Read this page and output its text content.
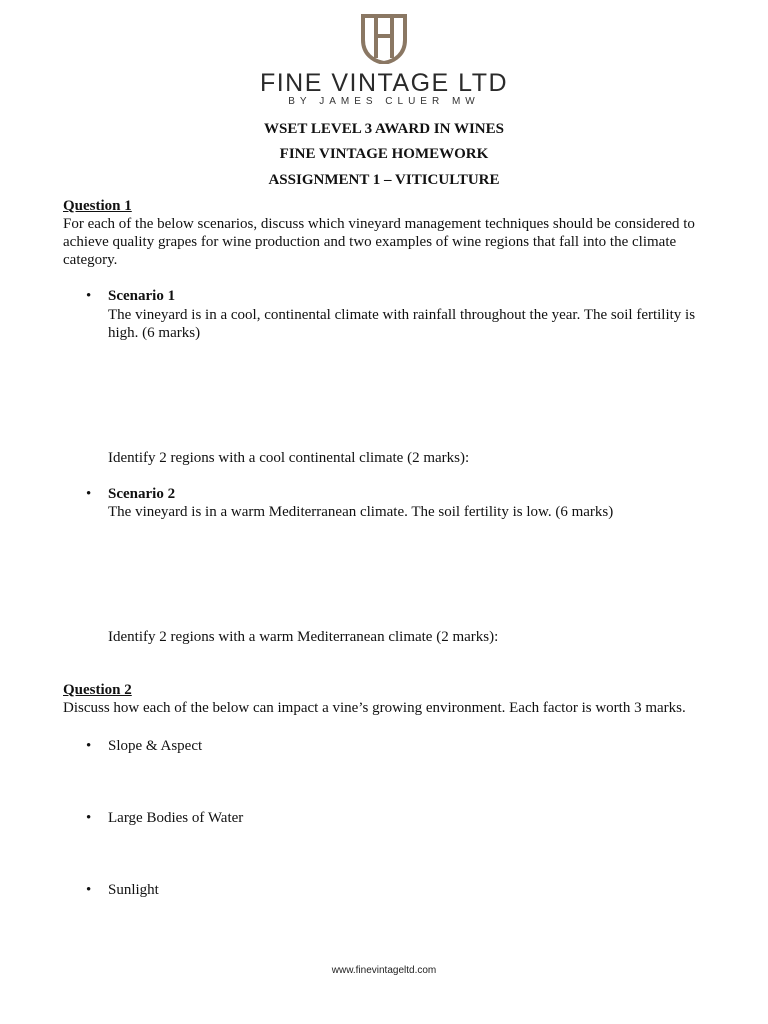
FINE VINTAGE LTD
BY JAMES CLUER MW
WSET LEVEL 3 AWARD IN WINES
FINE VINTAGE HOMEWORK
ASSIGNMENT 1 – VITICULTURE
Question 1
For each of the below scenarios, discuss which vineyard management techniques should be considered to achieve quality grapes for wine production and two examples of wine regions that fall into the climate category.
• Scenario 1
The vineyard is in a cool, continental climate with rainfall throughout the year. The soil fertility is high. (6 marks)
Identify 2 regions with a cool continental climate (2 marks):
• Scenario 2
The vineyard is in a warm Mediterranean climate. The soil fertility is low. (6 marks)
Identify 2 regions with a warm Mediterranean climate (2 marks):
Question 2
Discuss how each of the below can impact a vine’s growing environment. Each factor is worth 3 marks.
• Slope & Aspect
• Large Bodies of Water
• Sunlight
www.finevintageltd.com
